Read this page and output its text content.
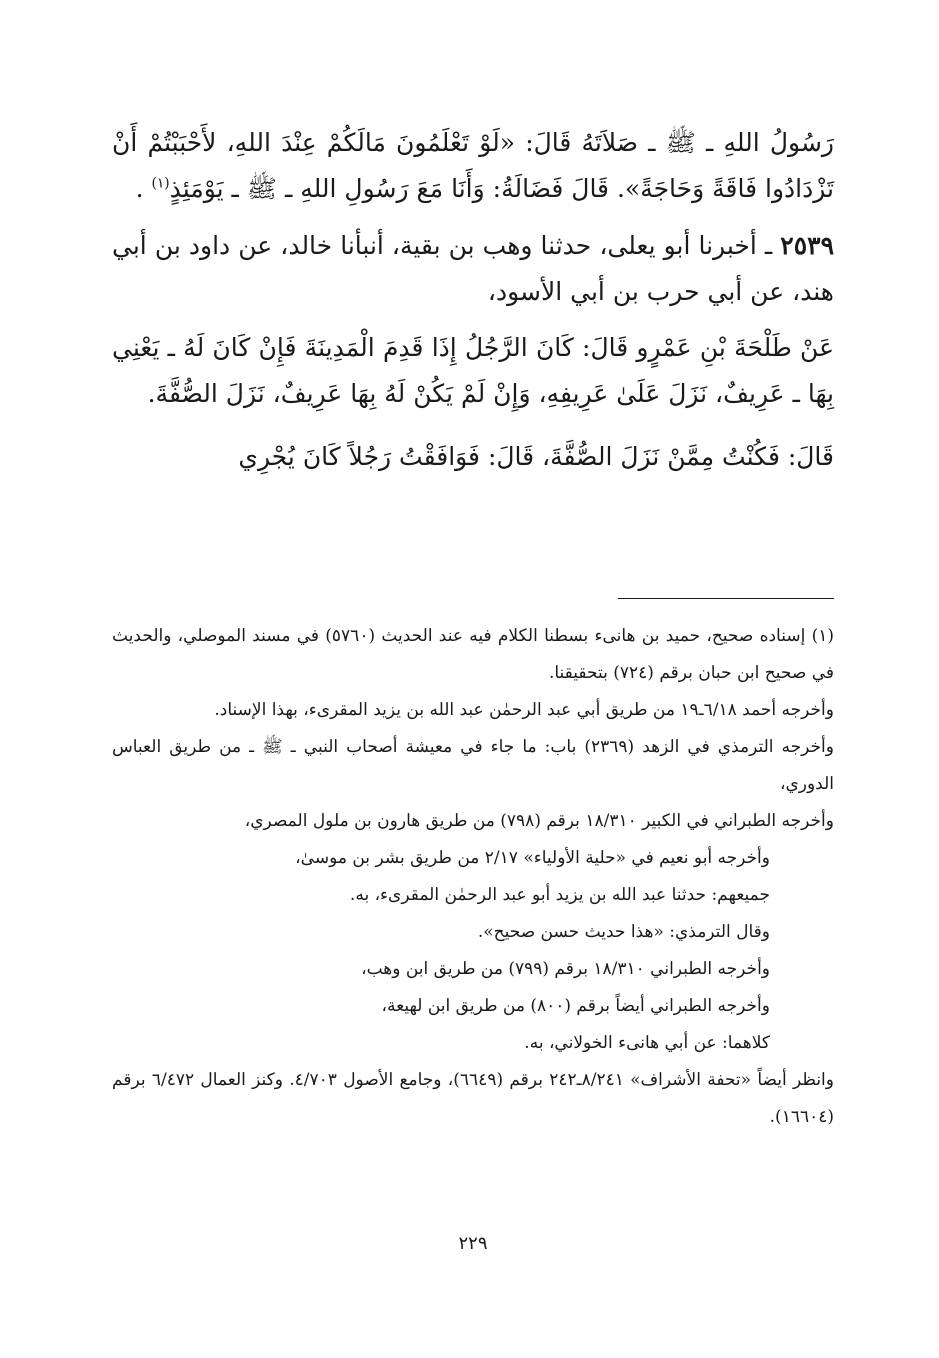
رَسُولُ اللهِ ـ ﷺ ـ صَلاَتَهُ قَالَ: «لَوْ تَعْلَمُونَ مَالَكُمْ عِنْدَ اللهِ، لأَحْبَبْتُمْ أَنْ تَزْدَادُوا فَاقَةً وَحَاجَةً». قَالَ فَضَالَةُ: وَأَنَا مَعَ رَسُولِ اللهِ ـ ﷺ ـ يَوْمَئِذٍ$^{(١)}$ .

٢٥٣٩ ـ أخبرنا أبو يعلى، حدثنا وهب بن بقية، أنبأنا خالد، عن داود بن أبي هند، عن أبي حرب بن أبي الأسود،

عَنْ طَلْحَةَ بْنِ عَمْرٍو قَالَ: كَانَ الرَّجُلُ إِذَا قَدِمَ الْمَدِينَةَ فَإِنْ كَانَ لَهُ ـ يَعْنِي بِهَا ـ عَرِيفٌ، نَزَلَ عَلَىٰ عَرِيفِهِ، وَإِنْ لَمْ يَكُنْ لَهُ بِهَا عَرِيفٌ، نَزَلَ الصُّفَّةَ.

قَالَ: فَكُنْتُ مِمَّنْ نَزَلَ الصُّفَّةَ، قَالَ: فَوَافَقْتُ رَجُلاً كَانَ يُجْرِي

(١) إسناده صحيح، حميد بن هانىء بسطنا الكلام فيه عند الحديث (٥٧٦٠) في مسند الموصلي، والحديث في صحيح ابن حبان برقم (٧٢٤) بتحقيقنا.

وأخرجه أحمد ٦/١٨ـ١٩ من طريق أبي عبد الرحمٰن عبد الله بن يزيد المقرىء، بهذا الإسناد.

وأخرجه الترمذي في الزهد (٢٣٦٩) باب: ما جاء في معيشة أصحاب النبي ـ ﷺ ـ من طريق العباس الدوري،

وأخرجه الطبراني في الكبير ١٨/٣١٠ برقم (٧٩٨) من طريق هارون بن ملول المصري،

وأخرجه أبو نعيم في «حلية الأولياء» ٢/١٧ من طريق بشر بن موسىٰ،

جميعهم: حدثنا عبد الله بن يزيد أبو عبد الرحمٰن المقرىء، به.

وقال الترمذي: «هذا حديث حسن صحيح».

وأخرجه الطبراني ١٨/٣١٠ برقم (٧٩٩) من طريق ابن وهب،

وأخرجه الطبراني أيضاً برقم (٨٠٠) من طريق ابن لهيعة،

كلاهما: عن أبي هانىء الخولاني، به.

وانظر أيضاً «تحفة الأشراف» ٨/٢٤١ـ٢٤٢ برقم (٦٦٤٩)، وجامع الأصول ٤/٧٠٣. وكنز العمال ٦/٤٧٢ برقم (١٦٦٠٤).

٢٢٩
